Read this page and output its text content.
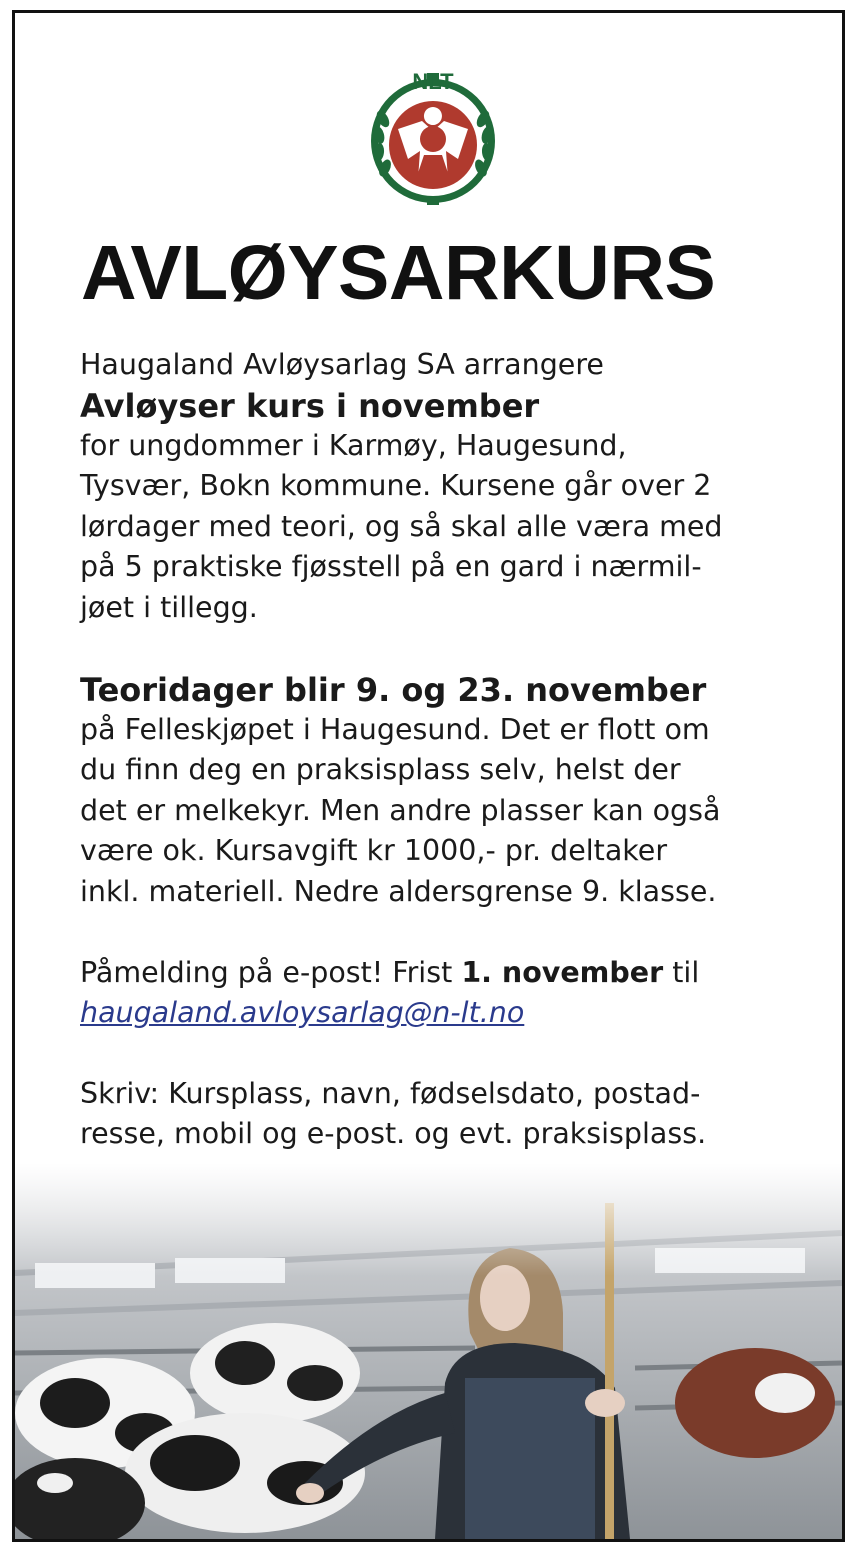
NLT
AVLØYSARKURS

Haugaland Avløysarlag SA arrangere

Avløyser kurs i november

for ungdommer i Karmøy, Haugesund,

Tysvær, Bokn kommune. Kursene går over 2

lørdager med teori, og så skal alle væra med

på 5 praktiske fjøsstell på en gard i nærmil-

jøet i tillegg.

Teoridager blir 9. og 23. november

på Felleskjøpet i Haugesund. Det er flott om

du finn deg en praksisplass selv, helst der

det er melkekyr. Men andre plasser kan også

være ok. Kursavgift kr 1000,- pr. deltaker

inkl. materiell. Nedre aldersgrense 9. klasse.

Påmelding på e-post! Frist 1. november til

haugaland.avloysarlag@n-lt.no

Skriv: Kursplass, navn, fødselsdato, postad-

resse, mobil og e-post. og evt. praksisplass.
